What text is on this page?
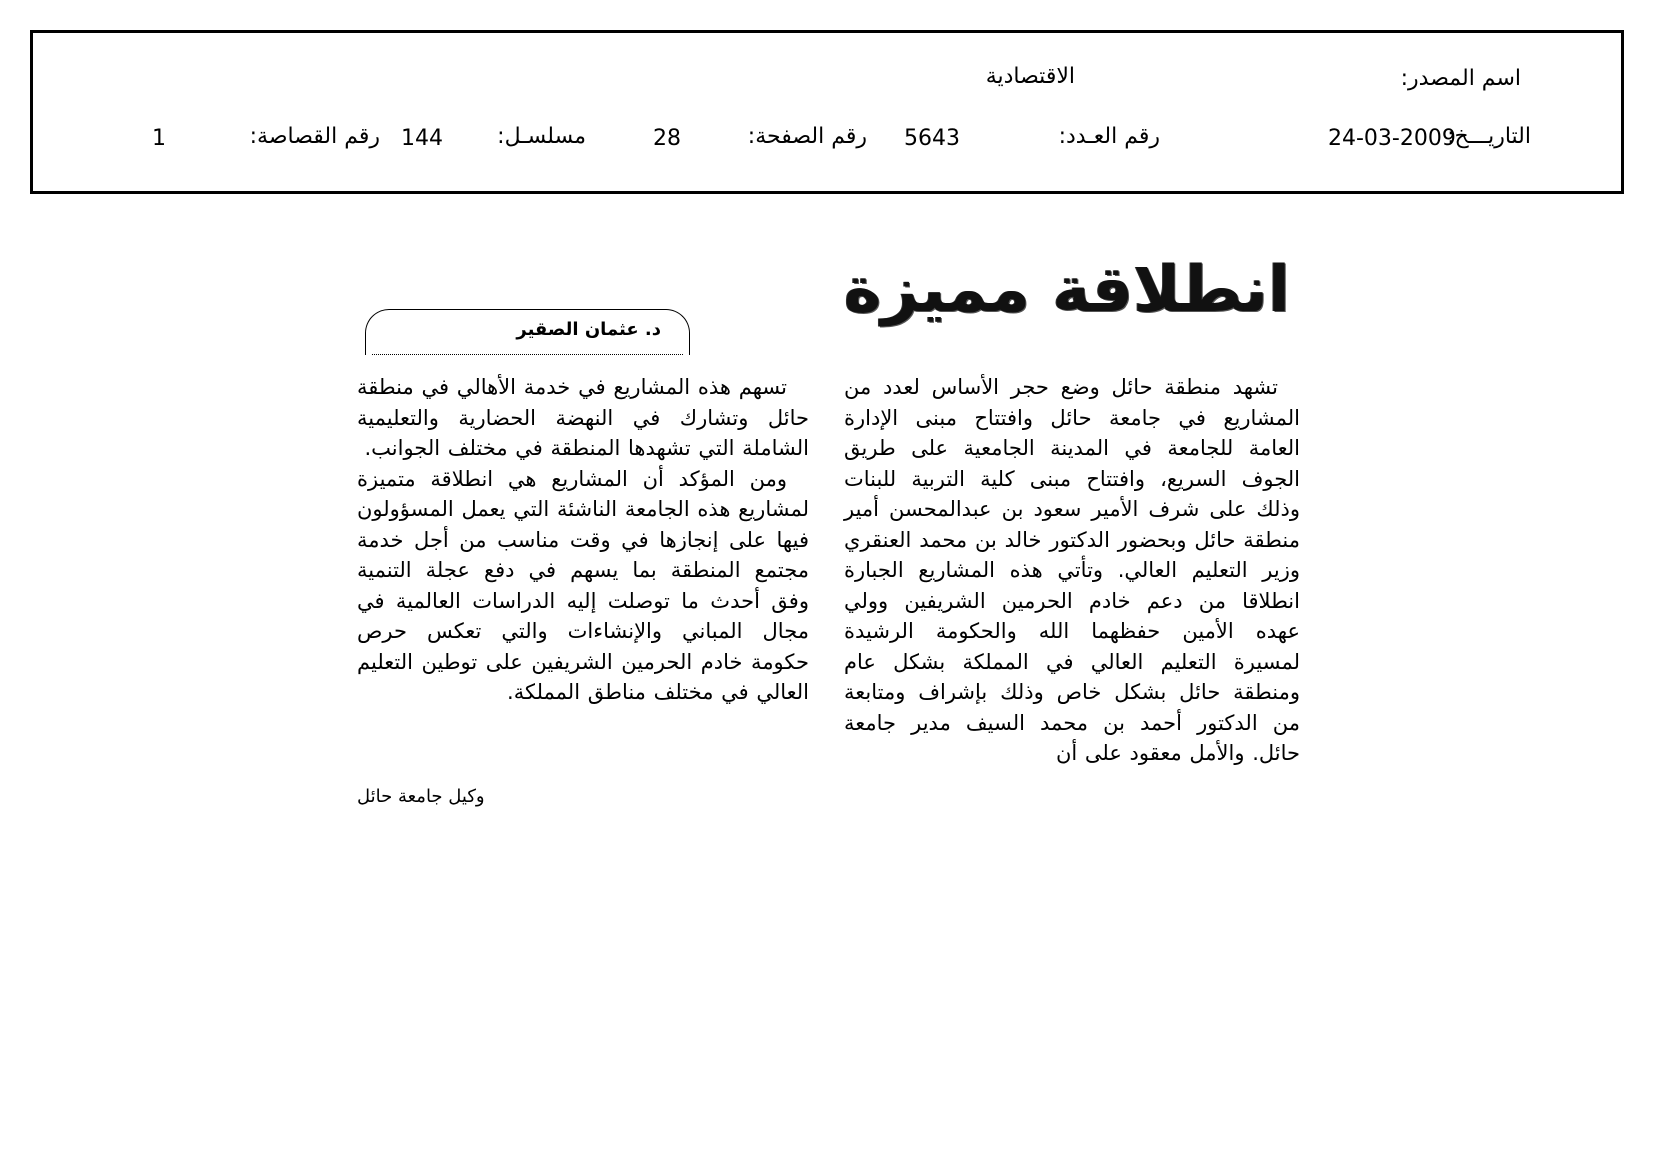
اسم المصدر:
الاقتصادية
التاريـــخ:
24-03-2009
رقم العـدد:
5643
رقم الصفحة:
28
مسلسـل:
144
رقم القصاصة:
1
انطلاقة مميزة
د. عثمان الصقير

تشهد منطقة حائل وضع حجر الأساس لعدد من المشاريع في جامعة حائل وافتتاح مبنى الإدارة العامة للجامعة في المدينة الجامعية على طريق الجوف السريع، وافتتاح مبنى كلية التربية للبنات وذلك على شرف الأمير سعود بن عبدالمحسن أمير منطقة حائل وبحضور الدكتور خالد بن محمد العنقري وزير التعليم العالي. وتأتي هذه المشاريع الجبارة انطلاقا من دعم خادم الحرمين الشريفين وولي عهده الأمين حفظهما الله والحكومة الرشيدة لمسيرة التعليم العالي في المملكة بشكل عام ومنطقة حائل بشكل خاص وذلك بإشراف ومتابعة من الدكتور أحمد بن محمد السيف مدير جامعة حائل. والأمل معقود على أن

تسهم هذه المشاريع في خدمة الأهالي في منطقة حائل وتشارك في النهضة الحضارية والتعليمية الشاملة التي تشهدها المنطقة في مختلف الجوانب.

ومن المؤكد أن المشاريع هي انطلاقة متميزة لمشاريع هذه الجامعة الناشئة التي يعمل المسؤولون فيها على إنجازها في وقت مناسب من أجل خدمة مجتمع المنطقة بما يسهم في دفع عجلة التنمية وفق أحدث ما توصلت إليه الدراسات العالمية في مجال المباني والإنشاءات والتي تعكس حرص حكومة خادم الحرمين الشريفين على توطين التعليم العالي في مختلف مناطق المملكة.

وكيل جامعة حائل
